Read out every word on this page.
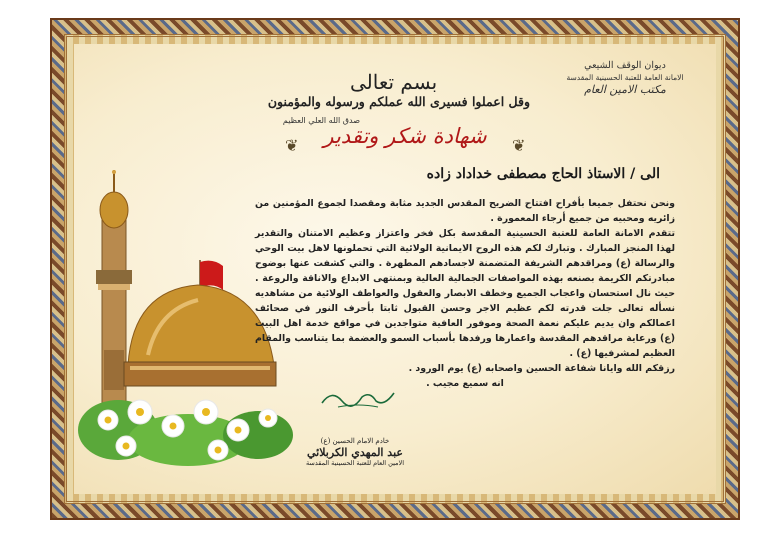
بسم تعالى
وقل اعملوا فسيرى الله عملكم ورسوله والمؤمنون
صدق الله العلي العظيم
❦	شهادة شكر وتقدير	❦
ديوان الوقف الشيعي
الامانة العامة للعتبة الحسينية المقدسة
مكتب الامين العام
الى / الاستاذ الحاج مصطفى خداداد زاده

ونحن نحتفل جميعا بأفراح افتتاح الضريح المقدس الجديد مثابة ومقصدا لجموع المؤمنين من زائريه ومحبيه من جميع أرجاء المعمورة .

تتقدم الامانة العامة للعتبة الحسينية المقدسة بكل فخر واعتزاز وعظيم الامتنان والتقدير لهذا المنجز المبارك . وتبارك لكم هذه الروح الايمانية الولائية التي تحملونها لاهل بيت الوحي والرسالة (ع) ومراقدهم الشريفة المتضمنة لاجسادهم المطهرة . والتي كشفت عنها بوضوح مبادرتكم الكريمة بصنعه بهذه المواصفات الجمالية العالية وبمنتهى الابداع والاناقة والروعة . حيث نال استحسان واعجاب الجميع وخطف الابصار والعقول والعواطف الولائية من مشاهديه نسأله تعالى جلت قدرته لكم عظيم الاجر وحسن القبول ثابتا بأحرف النور في صحائف اعمالكم وان يديم عليكم نعمة الصحة وموفور العافية متواجدين في مواقع خدمة اهل البيت (ع) ورعاية مراقدهم المقدسة واعمارها ورفدها بأسباب السمو والعضمة بما يتناسب والمقام العظيم لمشرفيها (ع) .

رزقكم الله وايانا شفاعة الحسين واصحابه (ع) يوم الورود .

انه سميع مجيب .

خادم الامام الحسين (ع)
عبد المهدي الكربلائي
الامين العام للعتبة الحسينية المقدسة
